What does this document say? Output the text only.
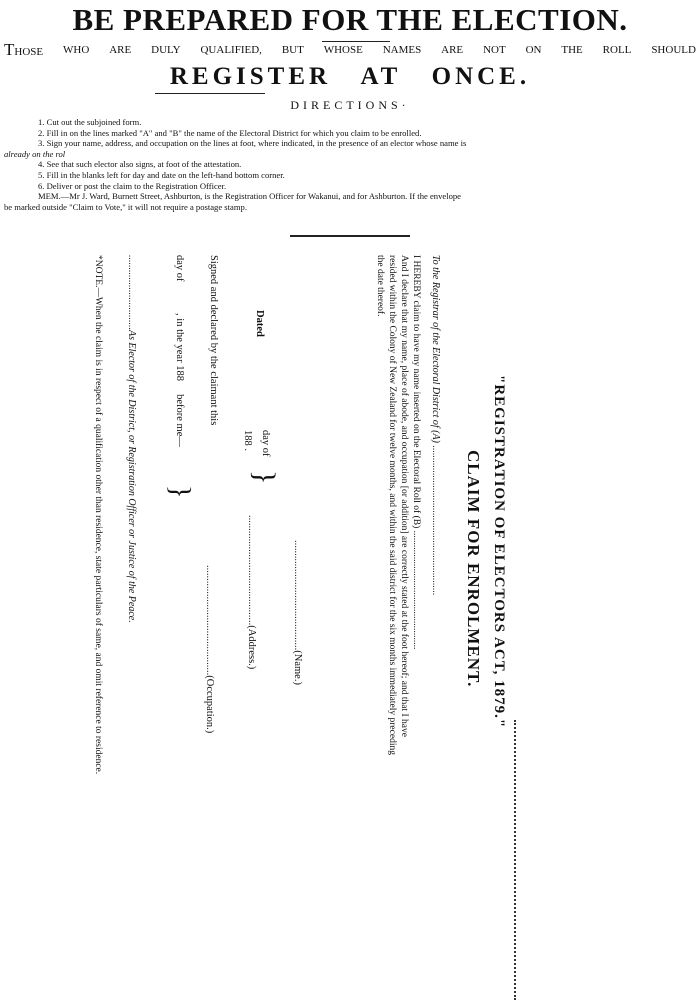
BE PREPARED FOR THE ELECTION.
THOSE WHO ARE DULY QUALIFIED, BUT WHOSE NAMES ARE NOT ON THE ROLL SHOULD
REGISTER   AT   ONCE.
DIRECTIONS·
1. Cut out the subjoined form.
2. Fill in on the lines marked "A" and "B" the name of the Electoral District for which you claim to be enrolled.
3. Sign your name, address, and occupation on the lines at foot, where indicated, in the presence of an elector whose name is
already on the rol
4. See that such elector also signs, at foot of the attestation.
5. Fill in the blanks left for day and date on the left-hand bottom corner.
6. Deliver or post the claim to the Registration Officer.
MEM.—Mr J. Ward, Burnett Street, Ashburton, is the Registration Officer for Wakanui, and for Ashburton. If the envelope
be marked outside "Claim to Vote," it will not require a postage stamp.
"REGISTRATION OF ELECTORS ACT, 1879."
CLAIM FOR ENROLMENT.
To the Registrar of the Electoral District of (A) ............................................................
I HEREBY claim to have my name inserted on the Electoral Roll of (B) ..................................................
And I declare that my name, place of abode, and occupation [or addition] are correctly stated at the foot hereof; and that I have
resided within the Colony of New Zealand for twelve months, and within the said district for the six months immediately preceding
the date thereof.
..........................................(Name.)
Dated
day of
188 .
}
..........................................(Address.)
Signed and declared by the claimant this
day of            , in the year 188     before me—
}
..........................................(Occupation.)
..............................As Elector of the District, or Registration Officer or Justice of the Peace.
*NOTE.—When the claim is in respect of a qualification other than residence, state particulars of same, and omit reference to residence.
